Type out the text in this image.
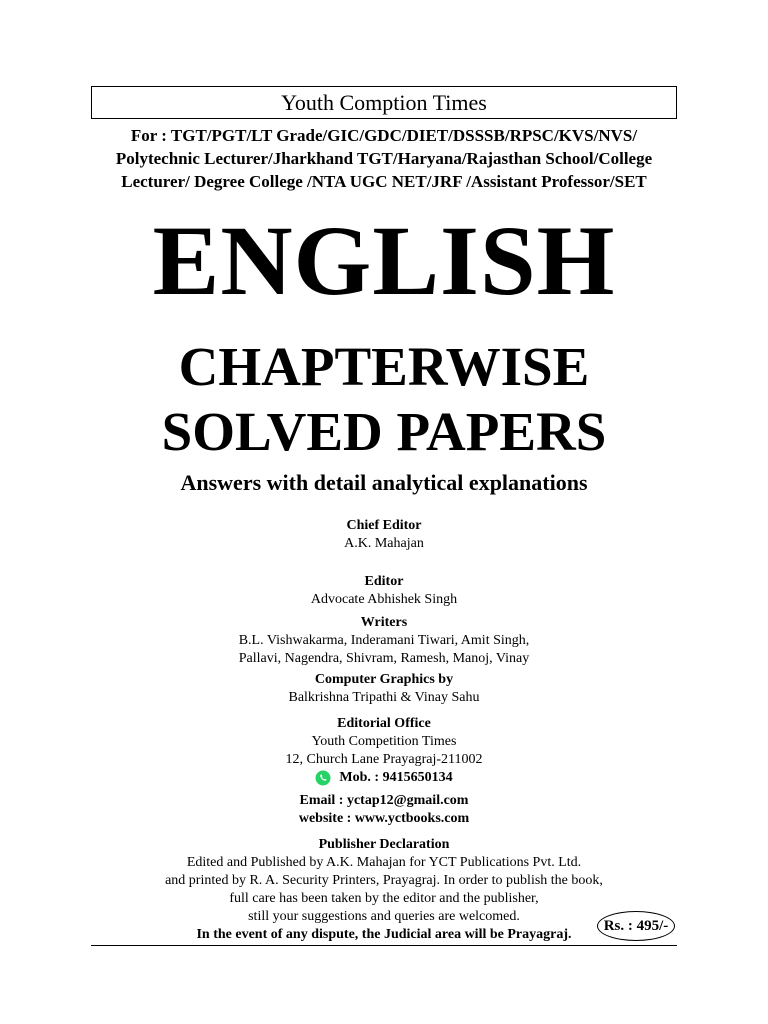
Youth Comption Times
For : TGT/PGT/LT Grade/GIC/GDC/DIET/DSSSB/RPSC/KVS/NVS/
Polytechnic Lecturer/Jharkhand TGT/Haryana/Rajasthan School/College
Lecturer/ Degree College /NTA UGC NET/JRF /Assistant Professor/SET
ENGLISH
CHAPTERWISE
SOLVED PAPERS
Answers with detail analytical explanations
Chief Editor
A.K. Mahajan
Editor
Advocate Abhishek Singh
Writers
B.L. Vishwakarma, Inderamani Tiwari, Amit Singh,
Pallavi, Nagendra, Shivram, Ramesh, Manoj, Vinay
Computer Graphics by
Balkrishna Tripathi & Vinay Sahu
Editorial Office
Youth Competition Times
12, Church Lane Prayagraj-211002
Mob. : 9415650134
Email : yctap12@gmail.com
website : www.yctbooks.com
Publisher Declaration
Edited and Published by A.K. Mahajan for YCT Publications Pvt. Ltd.
and printed by R. A. Security Printers, Prayagraj. In order to publish the book,
full care has been taken by the editor and the publisher,
still your suggestions and queries are welcomed.
In the event of any dispute, the Judicial area will be Prayagraj.
Rs. : 495/-
